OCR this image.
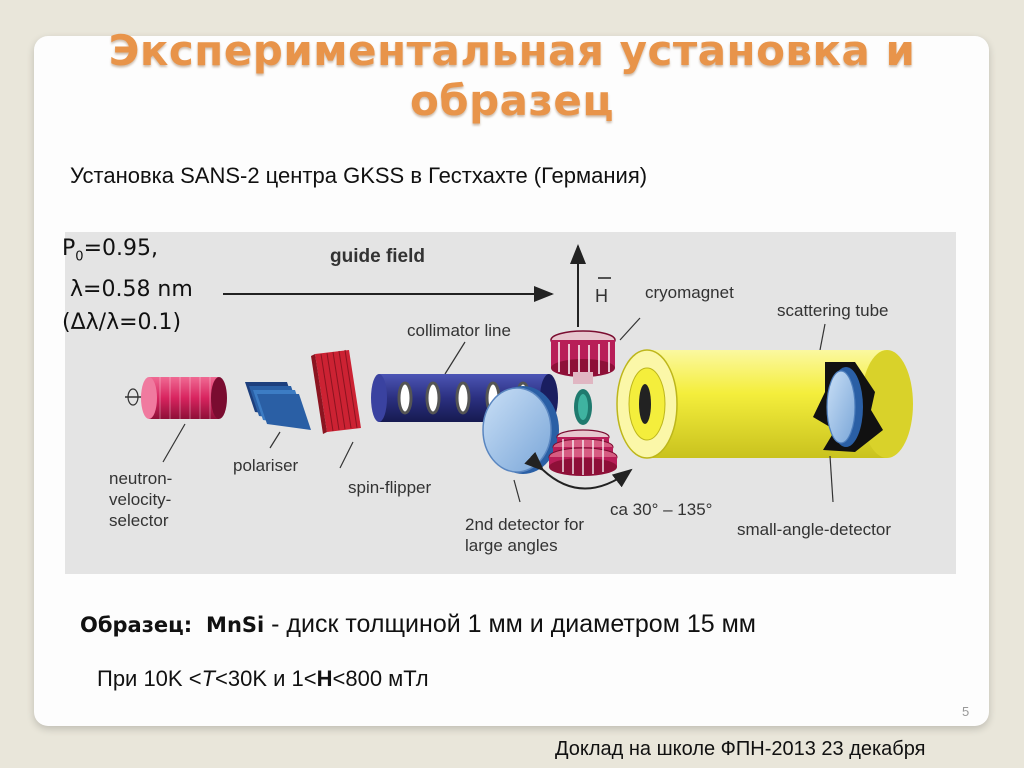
Экспериментальная установка и
образец
Установка SANS-2 центра GKSS в Гестхахте (Германия)
guide field
H cryomagnet
scattering tube
collimator line
neutron- velocity- selector
polariser
spin-flipper
2nd detector for large angles
ca 30° – 135°
small-angle-detector
$P_0=0.95$,
λ=0.58 nm
(Δλ/λ=0.1)
Образец: MnSi - диск толщиной 1 мм и диаметром 15 мм
При 10K <T<30K и 1<H<800 мТл
5
Доклад на школе ФПН-2013 23 декабря
